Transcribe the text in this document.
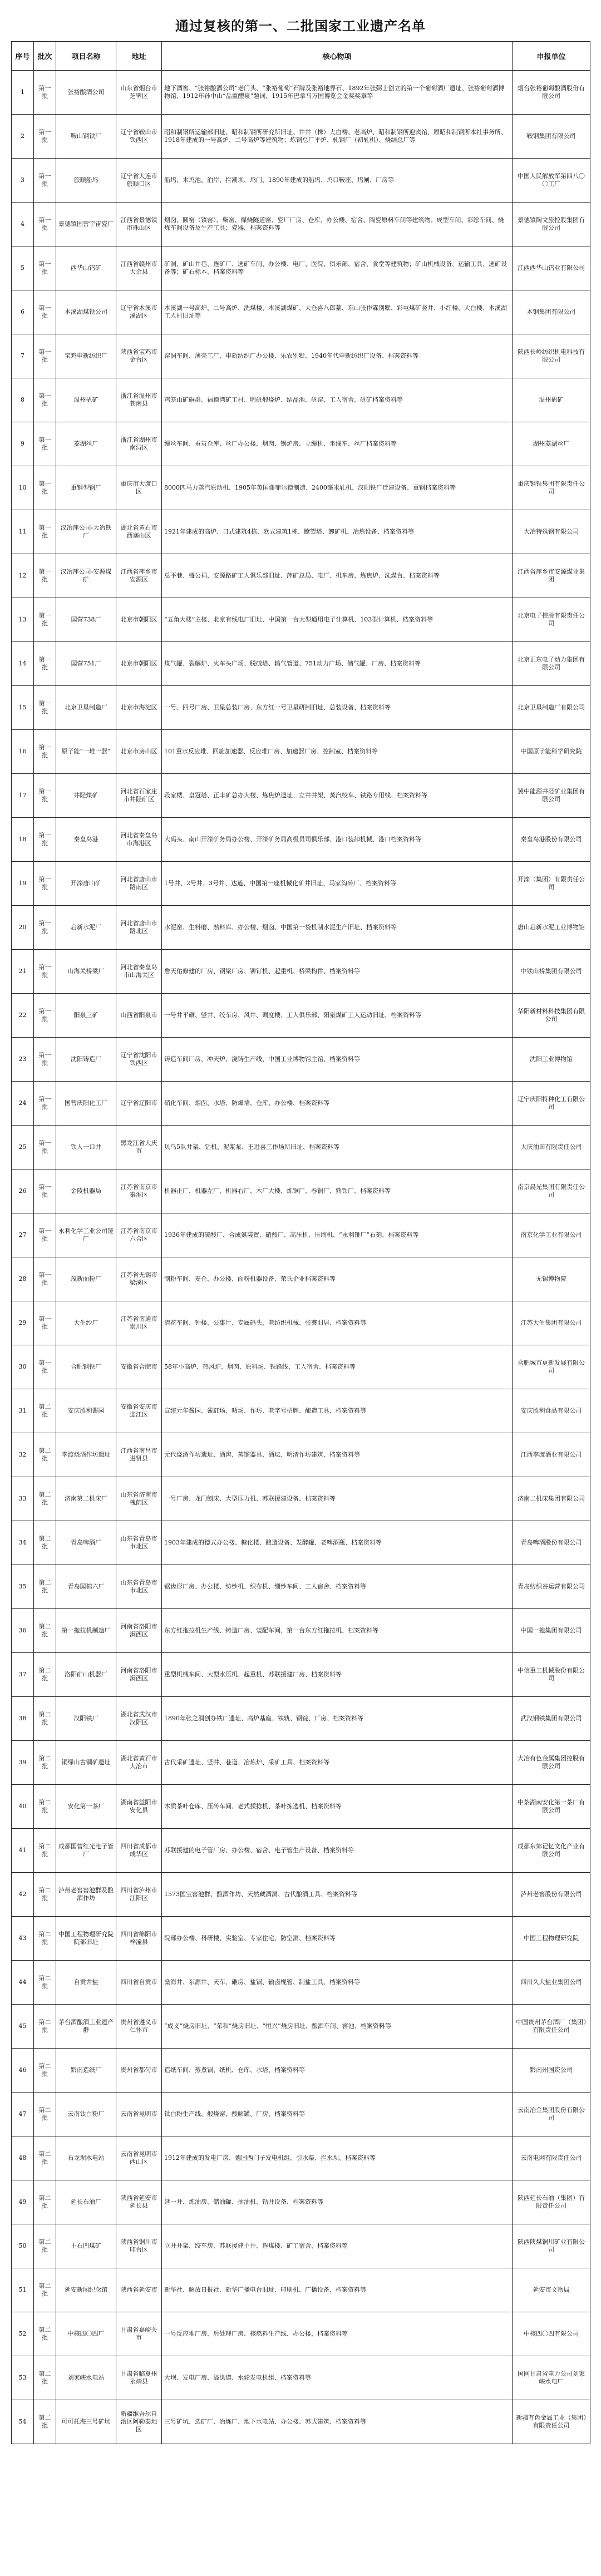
通过复核的第一、二批国家工业遗产名单
序号	批次	项目名称	地址	核心物项	申报单位
1	第一批	张裕酿酒公司	山东省烟台市芝罘区	地下酒窖、“张裕酿酒公司”老门头、“张裕葡萄”石牌及张裕地界石、1892年张弼士创立的第一个葡萄酒厂遗址、张裕葡萄酒博物馆、1912年孙中山“品重醴泉”题词、1915年巴拿马万国博览会金奖奖章等	烟台张裕葡萄酿酒股份有限公司
2	第一批	鞍山钢铁厂	辽宁省鞍山市铁西区	昭和制钢所运输部旧址、昭和制钢所研究所旧址、井井（株）大白楼、老高炉、昭和制钢所迎宾馆、原昭和制钢所本社事务所、1918年建成的一号高炉、二号高炉等建筑物；炼钢总厂平炉、轧钢厂（初轧机）、烧结总厂等	鞍钢集团有限公司
3	第一批	旅顺船坞	辽宁省大连市旅顺口区	船坞、木坞池、泊岸、拦潮坝、坞门、1890年建成的船坞、坞口鞍座、坞闸、厂房等	中国人民解放军第四八〇〇工厂
4	第一批	景德镇国营宇宙瓷厂	江西省景德镇市珠山区	烟囱、圆窑（镇窑）、柴窑、煤烧隧道窑、瓷厂厂房、仓库、办公楼、宿舍、陶瓷原料车间等建筑物；成型车间、彩绘车间、烧炼车间设备及生产工具；瓷器、档案资料等	景德镇陶文旅控股集团有限公司
5	第一批	西华山钨矿	江西省赣州市大余县	矿洞、矿山井巷、选矿厂、选矿车间、办公楼、电厂、医院、俱乐部、宿舍、食堂等建筑物；矿山机械设备、运输工具、选矿设备等；矿石标本、档案资料等	江西西华山钨业有限公司
6	第一批	本溪湖煤铁公司	辽宁省本溪市溪湖区	本溪湖一号高炉、二号高炉、洗煤楼、本溪湖煤矿、大仓喜八郎墓、东山张作霖别墅、彩屯煤矿竖井、小红楼、大白楼、本溪湖工人村旧址等	本钢集团有限公司
7	第一批	宝鸡申新纺织厂	陕西省宝鸡市金台区	窑洞车间、薄壳工厂、申新纺织厂办公楼、乐农别墅、1940年代申新纺织厂设备、档案资料等	陕西长岭纺织机电科技有限公司
8	第一批	温州矾矿	浙江省温州市苍南县	鸡笼山矿硐群、福德湾矿工村、明矾煅烧炉、结晶池、矾窑、工人宿舍、矾矿档案资料等	温州矾矿
9	第一批	菱湖丝厂	浙江省湖州市南浔区	缫丝车间、蚕茧仓库、丝厂办公楼、烟囱、锅炉房、立缫机、坐缫车、丝厂档案资料等	湖州菱湖丝厂
10	第一批	重钢型钢厂	重庆市大渡口区	8000匹马力蒸汽原动机、1905年英国谢菲尔德制造、2400毫米轧机、汉阳铁厂迁建设备、重钢档案资料等	重庆钢铁集团有限责任公司
11	第一批	汉冶萍公司-大冶铁厂	湖北省黄石市西塞山区	1921年建成的高炉、日式建筑4栋、欧式建筑1栋、瞭望塔、卸矿机、冶炼设备、档案资料等	大冶特殊钢有限公司
12	第一批	汉冶萍公司-安源煤矿	江西省萍乡市安源区	总平巷、盛公祠、安源路矿工人俱乐部旧址、萍矿总局、电厂、机车房、炼焦炉、洗煤台、档案资料等	江西省萍乡市安源煤业集团
13	第一批	国营738厂	北京市朝阳区	“五角大楼”主楼、北京有线电厂旧址、中国第一台大型通用电子计算机、103型计算机、档案资料等	北京电子控股有限责任公司
14	第一批	国营751厂	北京市朝阳区	煤气罐、裂解炉、火车头广场、脱硫塔、输气管道、751动力广场、储气罐、厂房、档案资料等	北京正东电子动力集团有限公司
15	第一批	北京卫星制造厂	北京市海淀区	一号、四号厂房、卫星总装厂房、东方红一号卫星研制旧址、总装设备、档案资料等	北京卫星制造厂有限公司
16	第一批	原子能“一堆一器”	北京市房山区	101重水反应堆、回旋加速器、反应堆厂房、加速器厂房、控制室、档案资料等	中国原子能科学研究院
17	第一批	井陉煤矿	河北省石家庄市井陉矿区	段家楼、皇冠塔、正丰矿总办大楼、炼焦炉遗址、立井井架、蒸汽绞车、铁路专用线、档案资料等	冀中能源井陉矿业集团有限公司
18	第一批	秦皇岛港	河北省秦皇岛市海港区	大码头、南山开滦矿务局办公楼、开滦矿务局高级员司俱乐部、港口装卸机械、港口档案资料等	秦皇岛港股份有限公司
19	第一批	开滦唐山矿	河北省唐山市路南区	1号井、2号井、3号井、达道、中国第一座机械化矿井旧址、马家沟砖厂、档案资料等	开滦（集团）有限责任公司
20	第一批	启新水泥厂	河北省唐山市路北区	水泥窑、生料磨、熟料库、办公楼、烟囱、中国第一袋机制水泥生产旧址、档案资料等	唐山启新水泥工业博物馆
21	第一批	山海关桥梁厂	河北省秦皇岛市山海关区	詹天佑修建的厂房、钢梁厂房、铆钉机、起重机、桥梁构件、档案资料等	中铁山桥集团有限公司
22	第一批	阳泉三矿	山西省阳泉市	一号井平硐、竖井、绞车房、风井、调度楼、工人俱乐部、阳泉煤矿工人运动旧址、档案资料等	华阳新材料科技集团有限公司
23	第一批	沈阳铸造厂	辽宁省沈阳市铁西区	铸造车间厂房、冲天炉、浇铸生产线、中国工业博物馆主馆、档案资料等	沈阳工业博物馆
24	第一批	国营庆阳化工厂	辽宁省辽阳市	硝化车间、烟囱、水塔、防爆墙、仓库、办公楼、档案资料等	辽宁庆阳特种化工有限公司
25	第一批	铁人一口井	黑龙江省大庆市	贝乌5队井架、钻机、泥浆泵、王进喜工作场所旧址、档案资料等	大庆油田有限责任公司
26	第一批	金陵机器局	江苏省南京市秦淮区	机器正厂、机器左厂、机器右厂、木厂大楼、炼铜厂、卷铜厂、熟铁厂、档案资料等	南京晨光集团有限责任公司
27	第一批	永利化学工业公司铔厂	江苏省南京市六合区	1936年建成的硫酸厂、合成氨装置、硝酸厂、高压机、压缩机、“永利铔厂”石刻、档案资料等	南京化学工业有限公司
28	第一批	茂新面粉厂	江苏省无锡市梁溪区	制粉车间、麦仓、办公楼、面粉机器设备、荣氏企业档案资料等	无锡博物院
29	第一批	大生纱厂	江苏省南通市崇川区	清花车间、钟楼、公事厅、专属码头、老纺织机械、张謇旧居、档案资料等	江苏大生集团有限公司
30	第一批	合肥钢铁厂	安徽省合肥市	58年小高炉、热风炉、烟囱、原料场、铁路线、工人宿舍、档案资料等	合肥城市更新发展有限公司
31	第二批	安庆胜利酱园	安徽省安庆市迎江区	宣统元年酱园、酱缸场、晒场、作坊、老字号招牌、酿造工具、档案资料等	安庆胜利食品有限公司
32	第二批	李渡烧酒作坊遗址	江西省南昌市进贤县	元代烧酒作坊遗址、酒窖、蒸馏器具、酒坛、明清作坊建筑、档案资料等	江西李渡酒业有限公司
33	第二批	济南第二机床厂	山东省济南市槐荫区	一号厂房、龙门刨床、大型压力机、苏联援建设备、档案资料等	济南二机床集团有限公司
34	第二批	青岛啤酒厂	山东省青岛市市北区	1903年建成的德式办公楼、糖化楼、酿造设备、发酵罐、老啤酒瓶、档案资料等	青岛啤酒股份有限公司
35	第二批	青岛国棉六厂	山东省青岛市市北区	锯齿形厂房、办公楼、纺纱机、织布机、细纱车间、工人宿舍、档案资料等	青岛纺织谷运营有限公司
36	第二批	第一拖拉机制造厂	河南省洛阳市涧西区	东方红拖拉机生产线、铸造厂房、装配车间、第一台东方红拖拉机、档案资料等	中国一拖集团有限公司
37	第二批	洛阳矿山机器厂	河南省洛阳市涧西区	重型机械车间、大型水压机、起重机、苏联援建厂房、档案资料等	中信重工机械股份有限公司
38	第二批	汉阳铁厂	湖北省武汉市汉阳区	1890年张之洞创办铁厂遗址、高炉基座、铁轨、钢锭、厂房、档案资料等	武汉钢铁集团有限公司
39	第二批	铜绿山古铜矿遗址	湖北省黄石市大冶市	古代采矿遗址、竖井、巷道、冶炼炉、采矿工具、档案资料等	大冶有色金属集团控股有限公司
40	第二批	安化第一茶厂	湖南省益阳市安化县	木质茶叶仓库、压砖车间、老式揉捻机、茶叶拣选机、档案资料等	中茶湖南安化第一茶厂有限公司
41	第二批	成都国营红光电子管厂	四川省成都市成华区	苏联援建的电子管厂房、办公楼、宿舍、电子管生产设备、档案资料等	成都东郊记忆文化产业有限公司
42	第二批	泸州老窖窖池群及酿酒作坊	四川省泸州市江阳区	1573国宝窖池群、酿酒作坊、天然藏酒洞、古代酿酒工具、档案资料等	泸州老窖股份有限公司
43	第二批	中国工程物理研究院院部旧址	四川省绵阳市梓潼县	院部办公楼、科研楼、实验室、专家住宅、防空洞、档案资料等	中国工程物理研究院
44	第二批	自贡井盐	四川省自贡市	燊海井、东源井、天车、碓房、盐锅、输卤枧管、制盐工具、档案资料等	四川久大盐业集团公司
45	第二批	茅台酒酿酒工业遗产群	贵州省遵义市仁怀市	“成义”烧房旧址、“荣和”烧房旧址、“恒兴”烧房旧址、酿酒车间、窖池、档案资料等	中国贵州茅台酒厂（集团）有限责任公司
46	第二批	黔南造纸厂	贵州省都匀市	造纸车间、蒸煮锅、纸机、仓库、水塔、档案资料等	黔南州国资公司
47	第二批	云南钛白粉厂	云南省昆明市	钛白粉生产线、煅烧窑、酸解罐、厂房、档案资料等	云南冶金集团股份有限公司
48	第二批	石龙坝水电站	云南省昆明市西山区	1912年建成的发电厂房、德国西门子发电机组、引水渠、拦水坝、档案资料等	云南电网有限责任公司
49	第二批	延长石油厂	陕西省延安市延长县	延一井、炼油房、储油罐、抽油机、钻井设备、档案资料等	陕西延长石油（集团）有限责任公司
50	第二批	王石凹煤矿	陕西省铜川市印台区	立井井架、绞车房、苏联援建主井、选煤楼、矿工宿舍、档案资料等	陕西陕煤铜川矿业有限公司
51	第二批	延安新闻纪念馆	陕西省延安市	新华社、解放日报社、新华广播电台旧址、印刷机、广播设备、档案资料等	延安市文物局
52	第二批	中核四〇四厂	甘肃省嘉峪关市	一号反应堆厂房、后处理厂房、核燃料生产线、办公楼、档案资料等	中核四〇四有限公司
53	第二批	刘家峡水电站	甘肃省临夏州永靖县	大坝、发电厂房、溢洪道、水轮发电机组、档案资料等	国网甘肃省电力公司刘家峡水电厂
54	第二批	可可托海三号矿坑	新疆维吾尔自治区阿勒泰地区	三号矿坑、选矿厂、冶炼厂、地下水电站、办公楼、苏式建筑、档案资料等	新疆有色金属工业（集团）有限责任公司
